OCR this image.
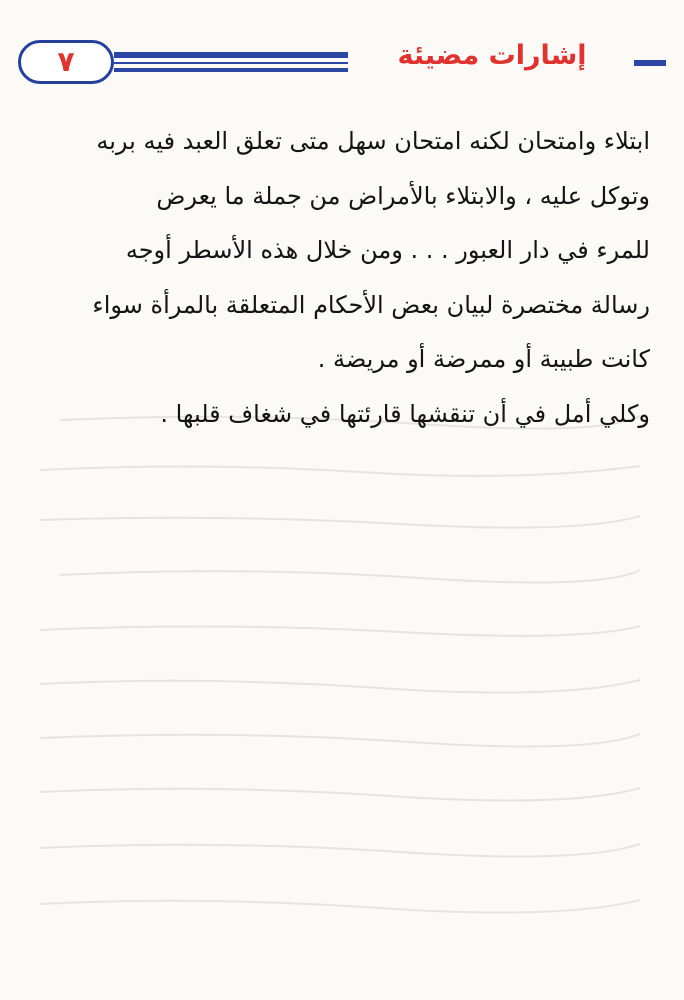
٧	إشارات مضيئة
ابتلاء وامتحان لكنه امتحان سهل متى تعلق العبد فيه بربه
وتوكل عليه ، والابتلاء بالأمراض من جملة ما يعرض
للمرء في دار العبور . . . ومن خلال هذه الأسطر أوجه
رسالة مختصرة لبيان بعض الأحكام المتعلقة بالمرأة سواء
كانت طبيبة أو ممرضة أو مريضة .
وكلي أمل في أن تنقشها قارئتها في شغاف قلبها .
